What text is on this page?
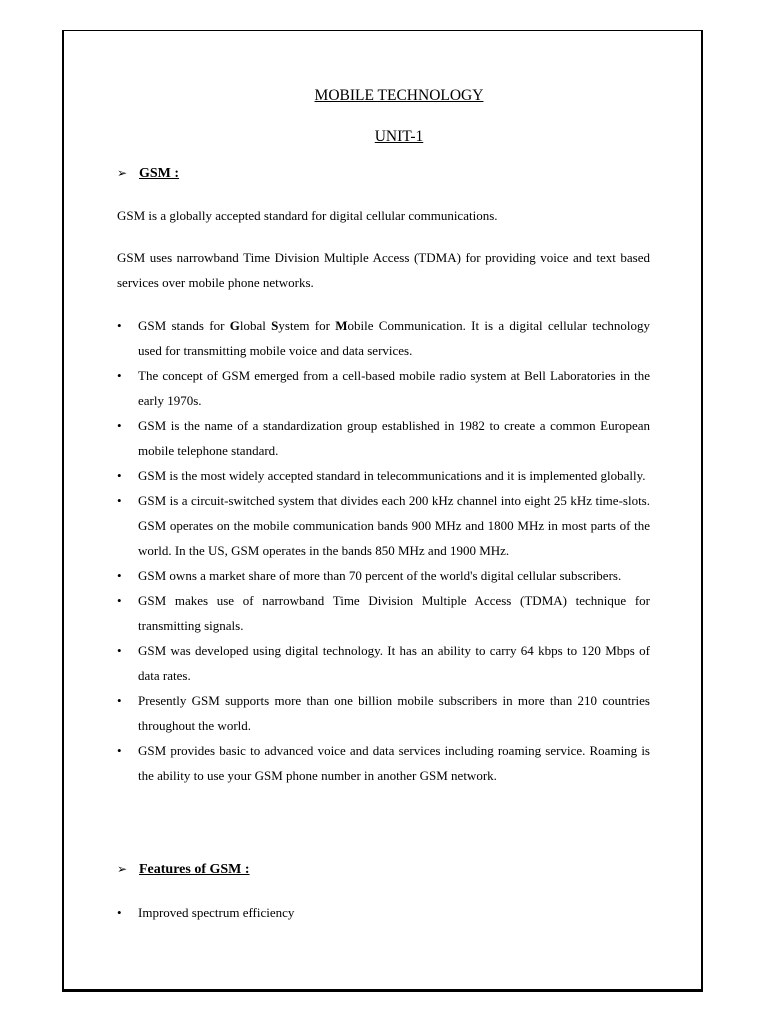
MOBILE TECHNOLOGY
UNIT-1
➢ GSM :
GSM is a globally accepted standard for digital cellular communications.
GSM uses narrowband Time Division Multiple Access (TDMA) for providing voice and text based services over mobile phone networks.
•	GSM stands for Global System for Mobile Communication. It is a digital cellular technology used for transmitting mobile voice and data services.
•	The concept of GSM emerged from a cell-based mobile radio system at Bell Laboratories in the early 1970s.
•	GSM is the name of a standardization group established in 1982 to create a common European mobile telephone standard.
•	GSM is the most widely accepted standard in telecommunications and it is implemented globally.
•	GSM is a circuit-switched system that divides each 200 kHz channel into eight 25 kHz time-slots. GSM operates on the mobile communication bands 900 MHz and 1800 MHz in most parts of the world. In the US, GSM operates in the bands 850 MHz and 1900 MHz.
•	GSM owns a market share of more than 70 percent of the world's digital cellular subscribers.
•	GSM makes use of narrowband Time Division Multiple Access (TDMA) technique for transmitting signals.
•	GSM was developed using digital technology. It has an ability to carry 64 kbps to 120 Mbps of data rates.
•	Presently GSM supports more than one billion mobile subscribers in more than 210 countries throughout the world.
•	GSM provides basic to advanced voice and data services including roaming service. Roaming is the ability to use your GSM phone number in another GSM network.
➢ Features of GSM :
•	Improved spectrum efficiency
